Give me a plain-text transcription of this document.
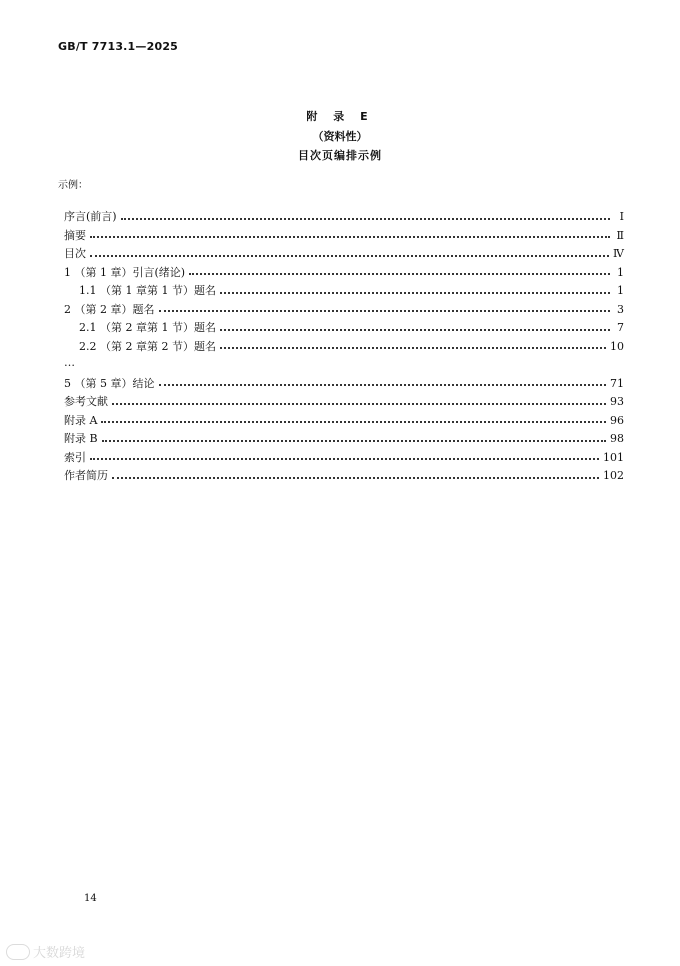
GB/T 7713.1—2025
附 录 E
（资料性）
目次页编排示例
示例：
序言(前言)	Ⅰ
摘要	Ⅱ
目次	Ⅳ
1 （第 1 章）引言(绪论)	1
1.1 （第 1 章第 1 节）题名	1
2 （第 2 章）题名	3
2.1 （第 2 章第 1 节）题名	7
2.2 （第 2 章第 2 节）题名	10
…
5 （第 5 章）结论	71
参考文献	93
附录 A	96
附录 B	98
索引	101
作者简历	102
14
大数跨境
